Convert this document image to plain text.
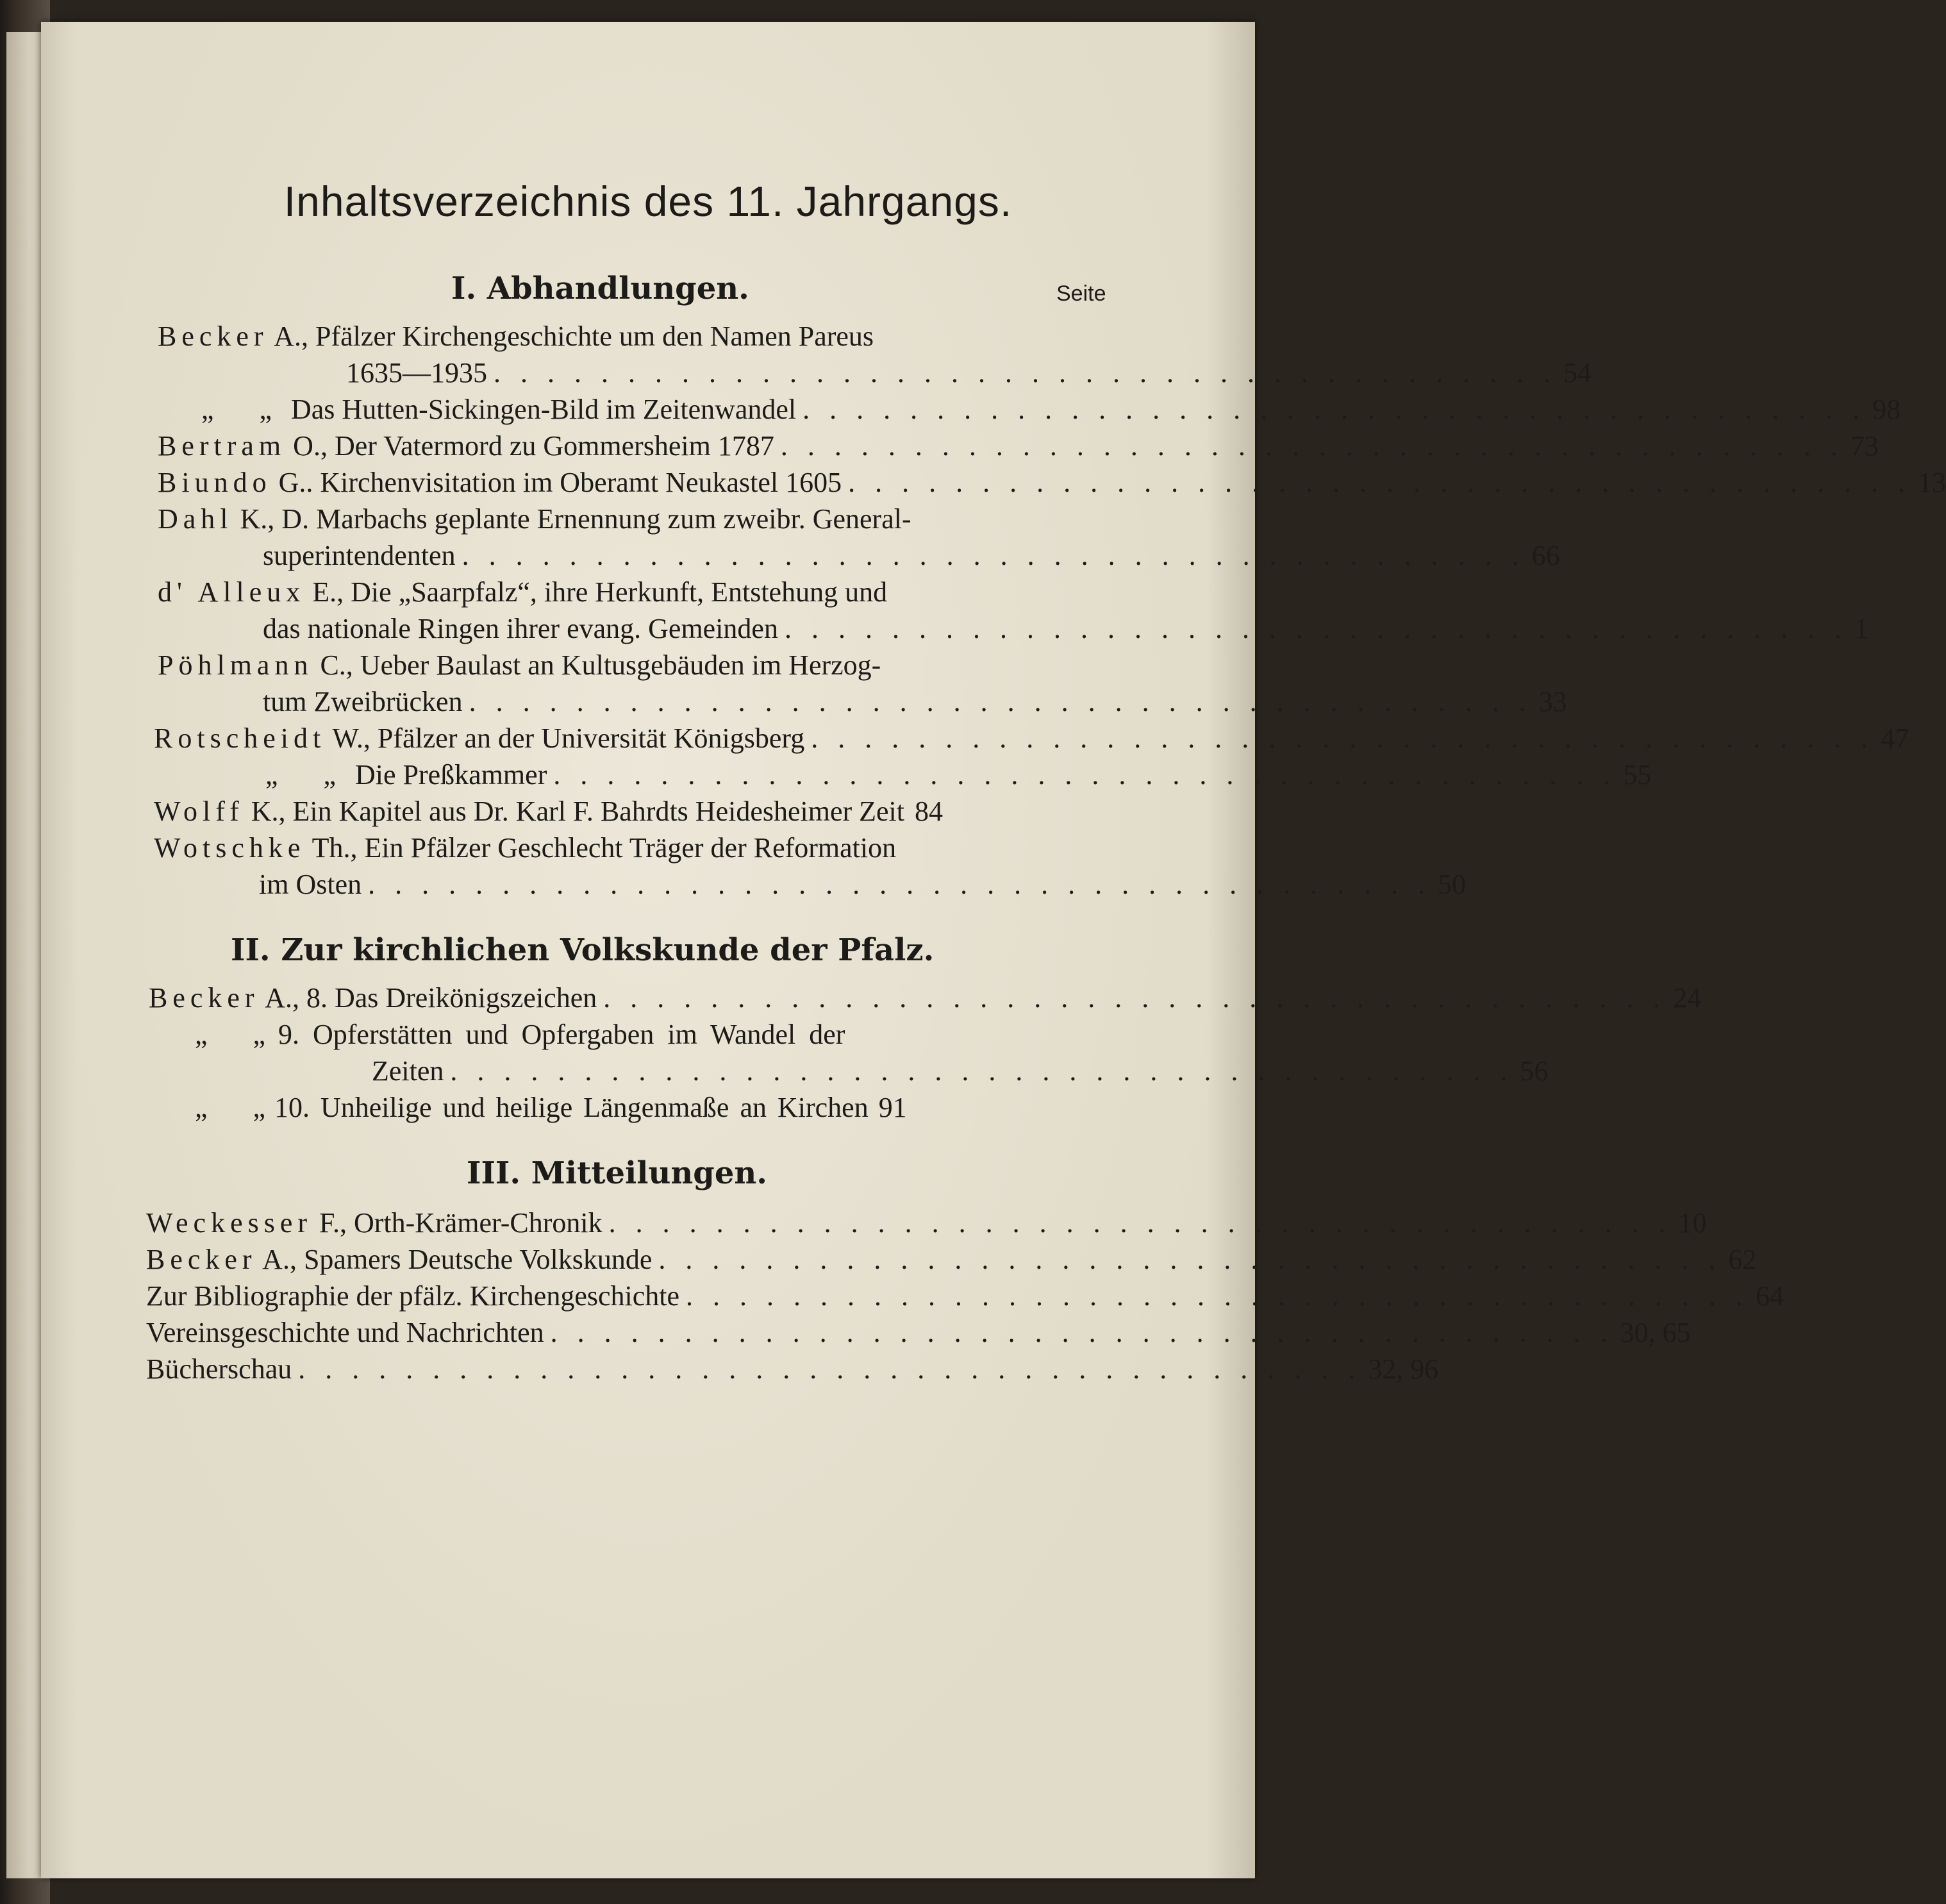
Inhaltsverzeichnis des 11. Jahrgangs.
I. Abhandlungen.	Seite
Becker A., Pfälzer Kirchengeschichte um den Namen Pareus
1635—1935 . . . . . . . . . . . . . . . . . . . . . . . . . . . . . . . . . . . . . . . . 54
„ „ Das Hutten-Sickingen-Bild im Zeitenwandel . . . . . . . . . . . . . . . . . . . . . . . . . . . . . . . . . . . . . . . . 98
Bertram O., Der Vatermord zu Gommersheim 1787 . . . . . . . . . . . . . . . . . . . . . . . . . . . . . . . . . . . . . . . . 73
Biundo G.. Kirchenvisitation im Oberamt Neukastel 1605 . . . . . . . . . . . . . . . . . . . . . . . . . . . . . . . . . . . . . . . . 13
Dahl K., D. Marbachs geplante Ernennung zum zweibr. General-
superintendenten . . . . . . . . . . . . . . . . . . . . . . . . . . . . . . . . . . . . . . . . 66
d' Alleux E., Die „Saarpfalz“, ihre Herkunft, Entstehung und
das nationale Ringen ihrer evang. Gemeinden . . . . . . . . . . . . . . . . . . . . . . . . . . . . . . . . . . . . . . . . 1
Pöhlmann C., Ueber Baulast an Kultusgebäuden im Herzog-
tum Zweibrücken . . . . . . . . . . . . . . . . . . . . . . . . . . . . . . . . . . . . . . . . 33
Rotscheidt W., Pfälzer an der Universität Königsberg . . . . . . . . . . . . . . . . . . . . . . . . . . . . . . . . . . . . . . . . 47
„ „ Die Preßkammer . . . . . . . . . . . . . . . . . . . . . . . . . . . . . . . . . . . . . . . . 55
Wolff K., Ein Kapitel aus Dr. Karl F. Bahrdts Heidesheimer Zeit 84
Wotschke Th., Ein Pfälzer Geschlecht Träger der Reformation
im Osten . . . . . . . . . . . . . . . . . . . . . . . . . . . . . . . . . . . . . . . . 50
II. Zur kirchlichen Volkskunde der Pfalz.
Becker A., 8. Das Dreikönigszeichen . . . . . . . . . . . . . . . . . . . . . . . . . . . . . . . . . . . . . . . . 24
„ „
9. Opferstätten und Opfergaben im Wandel der
Zeiten . . . . . . . . . . . . . . . . . . . . . . . . . . . . . . . . . . . . . . . . 56
„ „
10. Unheilige und heilige Längenmaße an Kirchen 91
III. Mitteilungen.
Weckesser F., Orth-Krämer-Chronik . . . . . . . . . . . . . . . . . . . . . . . . . . . . . . . . . . . . . . . . 10
Becker A., Spamers Deutsche Volkskunde . . . . . . . . . . . . . . . . . . . . . . . . . . . . . . . . . . . . . . . . 62
Zur Bibliographie der pfälz. Kirchengeschichte . . . . . . . . . . . . . . . . . . . . . . . . . . . . . . . . . . . . . . . . 64
Vereinsgeschichte und Nachrichten . . . . . . . . . . . . . . . . . . . . . . . . . . . . . . . . . . . . . . . . 30, 65
Bücherschau . . . . . . . . . . . . . . . . . . . . . . . . . . . . . . . . . . . . . . . . 32, 96
